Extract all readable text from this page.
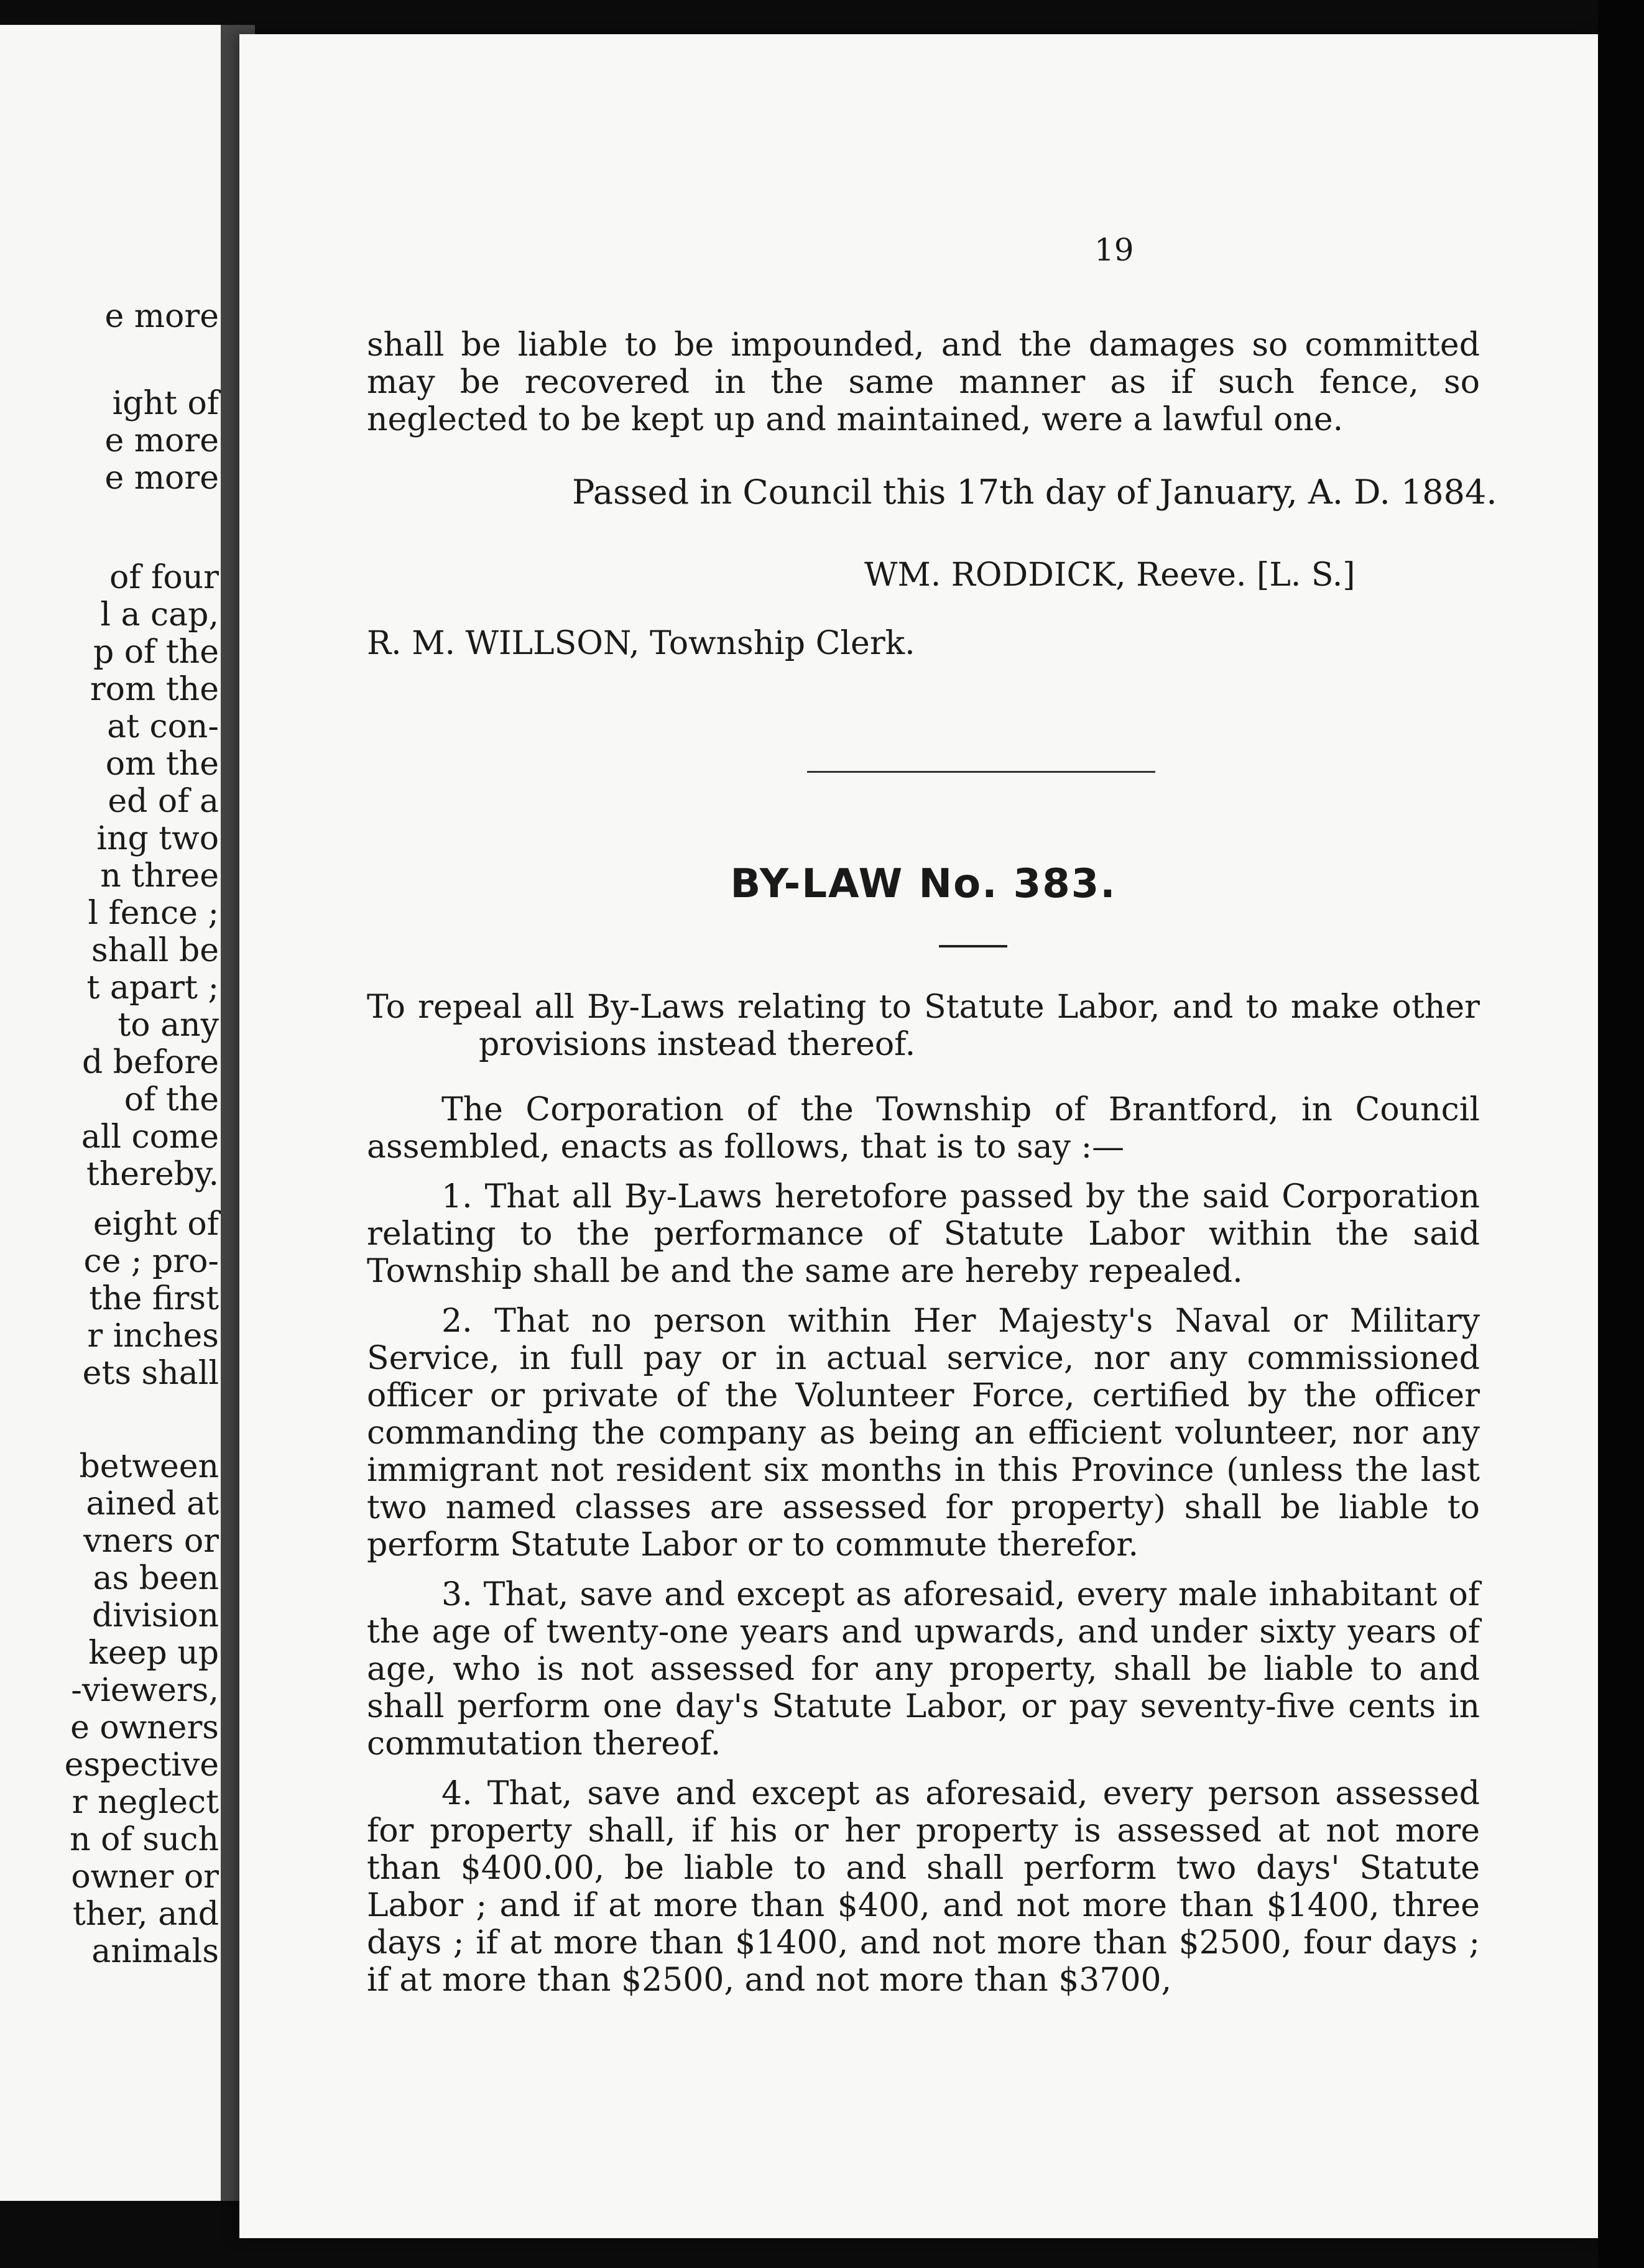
e more
ight of
e more
e more
of four
l a cap,
p of the
rom the
at con-
om the
ed of a
ing two
n three
l fence ;
shall be
t apart ;
to any
d before
of the
all come
thereby.
eight of
ce ; pro-
the first
r inches
ets shall
between
ained at
vners or
as been
division
keep up
-viewers,
e owners
espective
r neglect
n of such
owner or
ther, and
animals
19

shall be liable to be impounded, and the damages so committed may be recovered in the same manner as if such fence, so neglected to be kept up and maintained, were a lawful one.

Passed in Council this 17th day of January, A. D. 1884.

WM. RODDICK, Reeve. [L. S.]

R. M. WILLSON, Township Clerk.

BY-LAW No. 383.

To repeal all By-Laws relating to Statute Labor, and to make other provisions instead thereof.

The Corporation of the Township of Brantford, in Council assembled, enacts as follows, that is to say :—

1. That all By-Laws heretofore passed by the said Corporation relating to the performance of Statute Labor within the said Township shall be and the same are hereby repealed.

2. That no person within Her Majesty's Naval or Military Service, in full pay or in actual service, nor any commissioned officer or private of the Volunteer Force, certified by the officer commanding the company as being an efficient volunteer, nor any immigrant not resident six months in this Province (unless the last two named classes are assessed for property) shall be liable to perform Statute Labor or to commute therefor.

3. That, save and except as aforesaid, every male inhabitant of the age of twenty-one years and upwards, and under sixty years of age, who is not assessed for any property, shall be liable to and shall perform one day's Statute Labor, or pay seventy-five cents in commutation thereof.

4. That, save and except as aforesaid, every person assessed for property shall, if his or her property is assessed at not more than $400.00, be liable to and shall perform two days' Statute Labor ; and if at more than $400, and not more than $1400, three days ; if at more than $1400, and not more than $2500, four days ; if at more than $2500, and not more than $3700,
